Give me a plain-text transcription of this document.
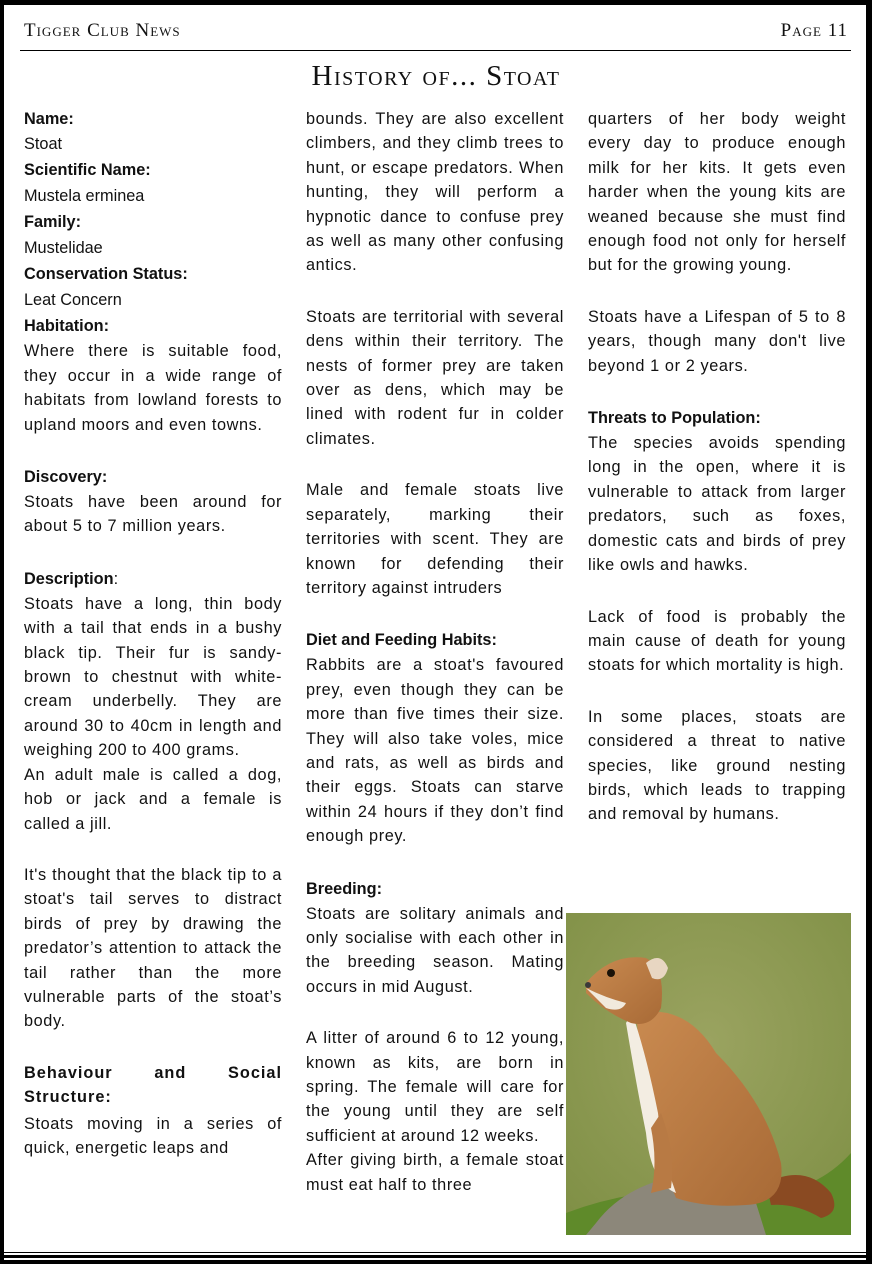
Tigger Club News	Page 11
History of... Stoat

Name:

Stoat

Scientific Name:

Mustela erminea

Family:

Mustelidae

Conservation Status:

Leat Concern

Habitation:

Where there is suitable food, they occur in a wide range of habitats from lowland forests to upland moors and even towns.

Discovery:

Stoats have been around for about 5 to 7 million years.

Description:

Stoats have a long, thin body with a tail that ends in a bushy black tip. Their fur is sandy-brown to chestnut with white-cream underbelly. They are around 30 to 40cm in length and weighing 200 to 400 grams.

An adult male is called a dog, hob or jack and a female is called a jill.

It's thought that the black tip to a stoat's tail serves to distract birds of prey by drawing the predator’s attention to attack the tail rather than the more vulnerable parts of the stoat’s body.

Behaviour and Social Structure:

Stoats moving in a series of quick, energetic leaps and

bounds. They are also excellent climbers, and they climb trees to hunt, or escape predators. When hunting, they will perform a hypnotic dance to confuse prey as well as many other confusing antics.

Stoats are territorial with several dens within their territory. The nests of former prey are taken over as dens, which may be lined with rodent fur in colder climates.

Male and female stoats live separately, marking their territories with scent. They are known for defending their territory against intruders

Diet and Feeding Habits:

Rabbits are a stoat's favoured prey, even though they can be more than five times their size. They will also take voles, mice and rats, as well as birds and their eggs. Stoats can starve within 24 hours if they don’t find enough prey.

Breeding:

Stoats are solitary animals and only socialise with each other in the breeding season. Mating occurs in mid August.

A litter of around 6 to 12 young, known as kits, are born in spring. The female will care for the young until they are self sufficient at around 12 weeks.

After giving birth, a female stoat must eat half to three

quarters of her body weight every day to produce enough milk for her kits. It gets even harder when the young kits are weaned because she must find enough food not only for herself but for the growing young.

Stoats have a Lifespan of 5 to 8 years, though many don't live beyond 1 or 2 years.

Threats to Population:

The species avoids spending long in the open, where it is vulnerable to attack from larger predators, such as foxes, domestic cats and birds of prey like owls and hawks.

Lack of food is probably the main cause of death for young stoats for which mortality is high.

In some places, stoats are considered a threat to native species, like ground nesting birds, which leads to trapping and removal by humans.
